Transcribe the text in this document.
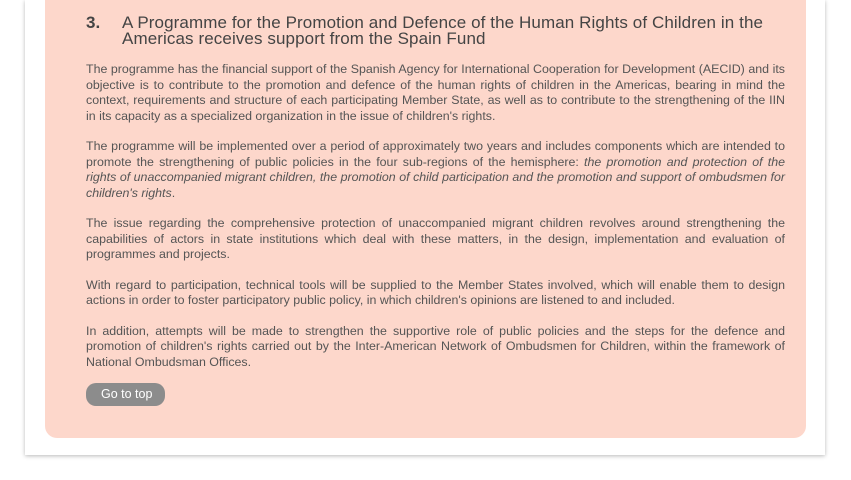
3.	A Programme for the Promotion and Defence of the Human Rights of Children in the Americas receives support from the Spain Fund

The programme has the financial support of the Spanish Agency for International Cooperation for Development (AECID) and its objective is to contribute to the promotion and defence of the human rights of children in the Americas, bearing in mind the context, requirements and structure of each participating Member State, as well as to contribute to the strengthening of the IIN in its capacity as a specialized organization in the issue of children's rights.

The programme will be implemented over a period of approximately two years and includes components which are intended to promote the strengthening of public policies in the four sub-regions of the hemisphere: the promotion and protection of the rights of unaccompanied migrant children, the promotion of child participation and the promotion and support of ombudsmen for children's rights.

The issue regarding the comprehensive protection of unaccompanied migrant children revolves around strengthening the capabilities of actors in state institutions which deal with these matters, in the design, implementation and evaluation of programmes and projects.

With regard to participation, technical tools will be supplied to the Member States involved, which will enable them to design actions in order to foster participatory public policy, in which children's opinions are listened to and included.

In addition, attempts will be made to strengthen the supportive role of public policies and the steps for the defence and promotion of children's rights carried out by the Inter-American Network of Ombudsmen for Children, within the framework of National Ombudsman Offices.

Go to top
